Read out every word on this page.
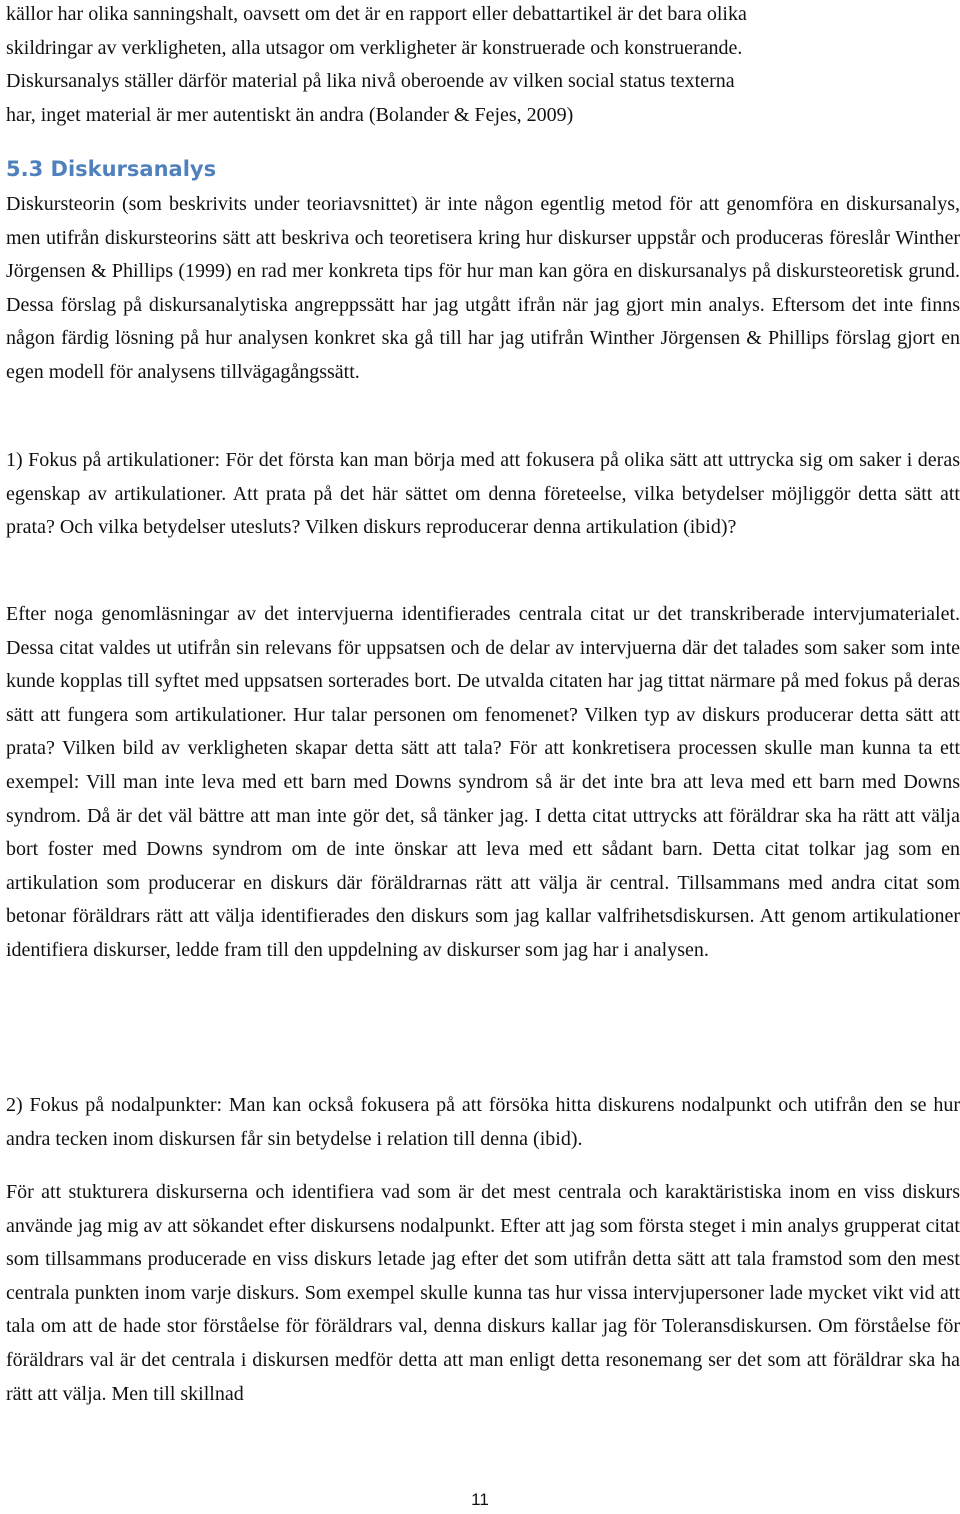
källor har olika sanningshalt, oavsett om det är en rapport eller debattartikel är det bara olika
skildringar av verkligheten, alla utsagor om verkligheter är konstruerade och konstruerande.
Diskursanalys ställer därför material på lika nivå oberoende av vilken social status texterna
har, inget material är mer autentiskt än andra (Bolander & Fejes, 2009)

5.3 Diskursanalys

Diskursteorin (som beskrivits under teoriavsnittet) är inte någon egentlig metod för att genomföra en diskursanalys, men utifrån diskursteorins sätt att beskriva och teoretisera kring hur diskurser uppstår och produceras föreslår Winther Jörgensen & Phillips (1999) en rad mer konkreta tips för hur man kan göra en diskursanalys på diskursteoretisk grund. Dessa förslag på diskursanalytiska angreppssätt har jag utgått ifrån när jag gjort min analys. Eftersom det inte finns någon färdig lösning på hur analysen konkret ska gå till har jag utifrån Winther Jörgensen & Phillips förslag gjort en egen modell för analysens tillvägagångssätt.

1) Fokus på artikulationer: För det första kan man börja med att fokusera på olika sätt att uttrycka sig om saker i deras egenskap av artikulationer. Att prata på det här sättet om denna företeelse, vilka betydelser möjliggör detta sätt att prata? Och vilka betydelser utesluts? Vilken diskurs reproducerar denna artikulation (ibid)?

Efter noga genomläsningar av det intervjuerna identifierades centrala citat ur det transkriberade intervjumaterialet. Dessa citat valdes ut utifrån sin relevans för uppsatsen och de delar av intervjuerna där det talades som saker som inte kunde kopplas till syftet med uppsatsen sorterades bort. De utvalda citaten har jag tittat närmare på med fokus på deras sätt att fungera som artikulationer. Hur talar personen om fenomenet? Vilken typ av diskurs producerar detta sätt att prata? Vilken bild av verkligheten skapar detta sätt att tala? För att konkretisera processen skulle man kunna ta ett exempel: Vill man inte leva med ett barn med Downs syndrom så är det inte bra att leva med ett barn med Downs syndrom. Då är det väl bättre att man inte gör det, så tänker jag. I detta citat uttrycks att föräldrar ska ha rätt att välja bort foster med Downs syndrom om de inte önskar att leva med ett sådant barn. Detta citat tolkar jag som en artikulation som producerar en diskurs där föräldrarnas rätt att välja är central. Tillsammans med andra citat som betonar föräldrars rätt att välja identifierades den diskurs som jag kallar valfrihetsdiskursen. Att genom artikulationer identifiera diskurser, ledde fram till den uppdelning av diskurser som jag har i analysen.

2) Fokus på nodalpunkter: Man kan också fokusera på att försöka hitta diskurens nodalpunkt och utifrån den se hur andra tecken inom diskursen får sin betydelse i relation till denna (ibid).

För att stukturera diskurserna och identifiera vad som är det mest centrala och karaktäristiska inom en viss diskurs använde jag mig av att sökandet efter diskursens nodalpunkt. Efter att jag som första steget i min analys grupperat citat som tillsammans producerade en viss diskurs letade jag efter det som utifrån detta sätt att tala framstod som den mest centrala punkten inom varje diskurs. Som exempel skulle kunna tas hur vissa intervjupersoner lade mycket vikt vid att tala om att de hade stor förståelse för föräldrars val, denna diskurs kallar jag för Toleransdiskursen. Om förståelse för föräldrars val är det centrala i diskursen medför detta att man enligt detta resonemang ser det som att föräldrar ska ha rätt att välja. Men till skillnad

11
